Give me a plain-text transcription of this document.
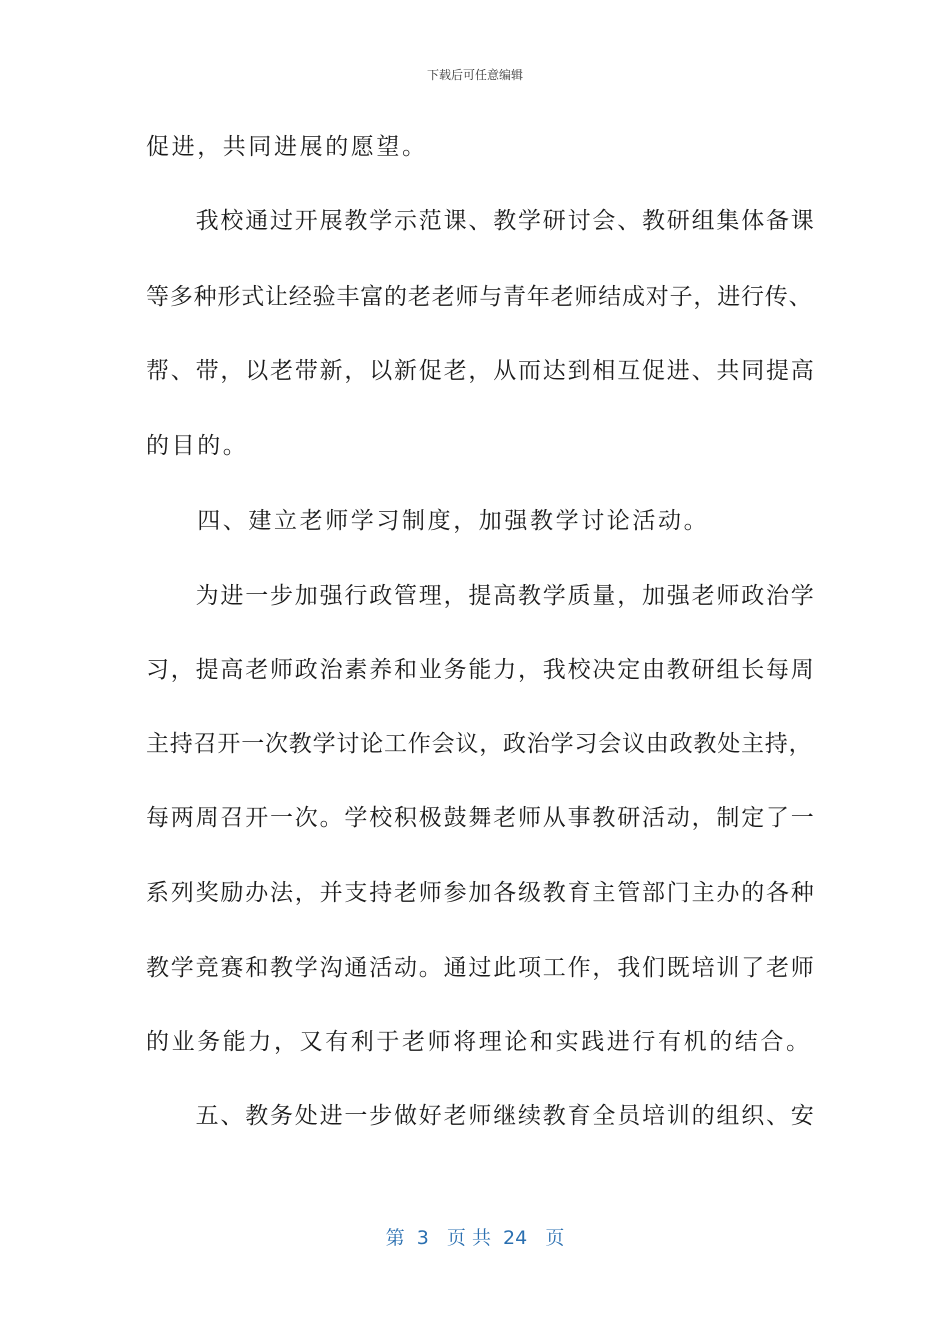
下载后可任意编辑
促进，共同进展的愿望。
　　我校通过开展教学示范课、教学研讨会、教研组集体备课
等多种形式让经验丰富的老老师与青年老师结成对子，进行传、
帮、带，以老带新，以新促老，从而达到相互促进、共同提高
的目的。
　　四、建立老师学习制度，加强教学讨论活动。
　　为进一步加强行政管理，提高教学质量，加强老师政治学
习，提高老师政治素养和业务能力，我校决定由教研组长每周
主持召开一次教学讨论工作会议，政治学习会议由政教处主持，
每两周召开一次。学校积极鼓舞老师从事教研活动，制定了一
系列奖励办法，并支持老师参加各级教育主管部门主办的各种
教学竞赛和教学沟通活动。通过此项工作，我们既培训了老师
的业务能力，又有利于老师将理论和实践进行有机的结合。
　　五、教务处进一步做好老师继续教育全员培训的组织、安
第  3   页 共  24   页
